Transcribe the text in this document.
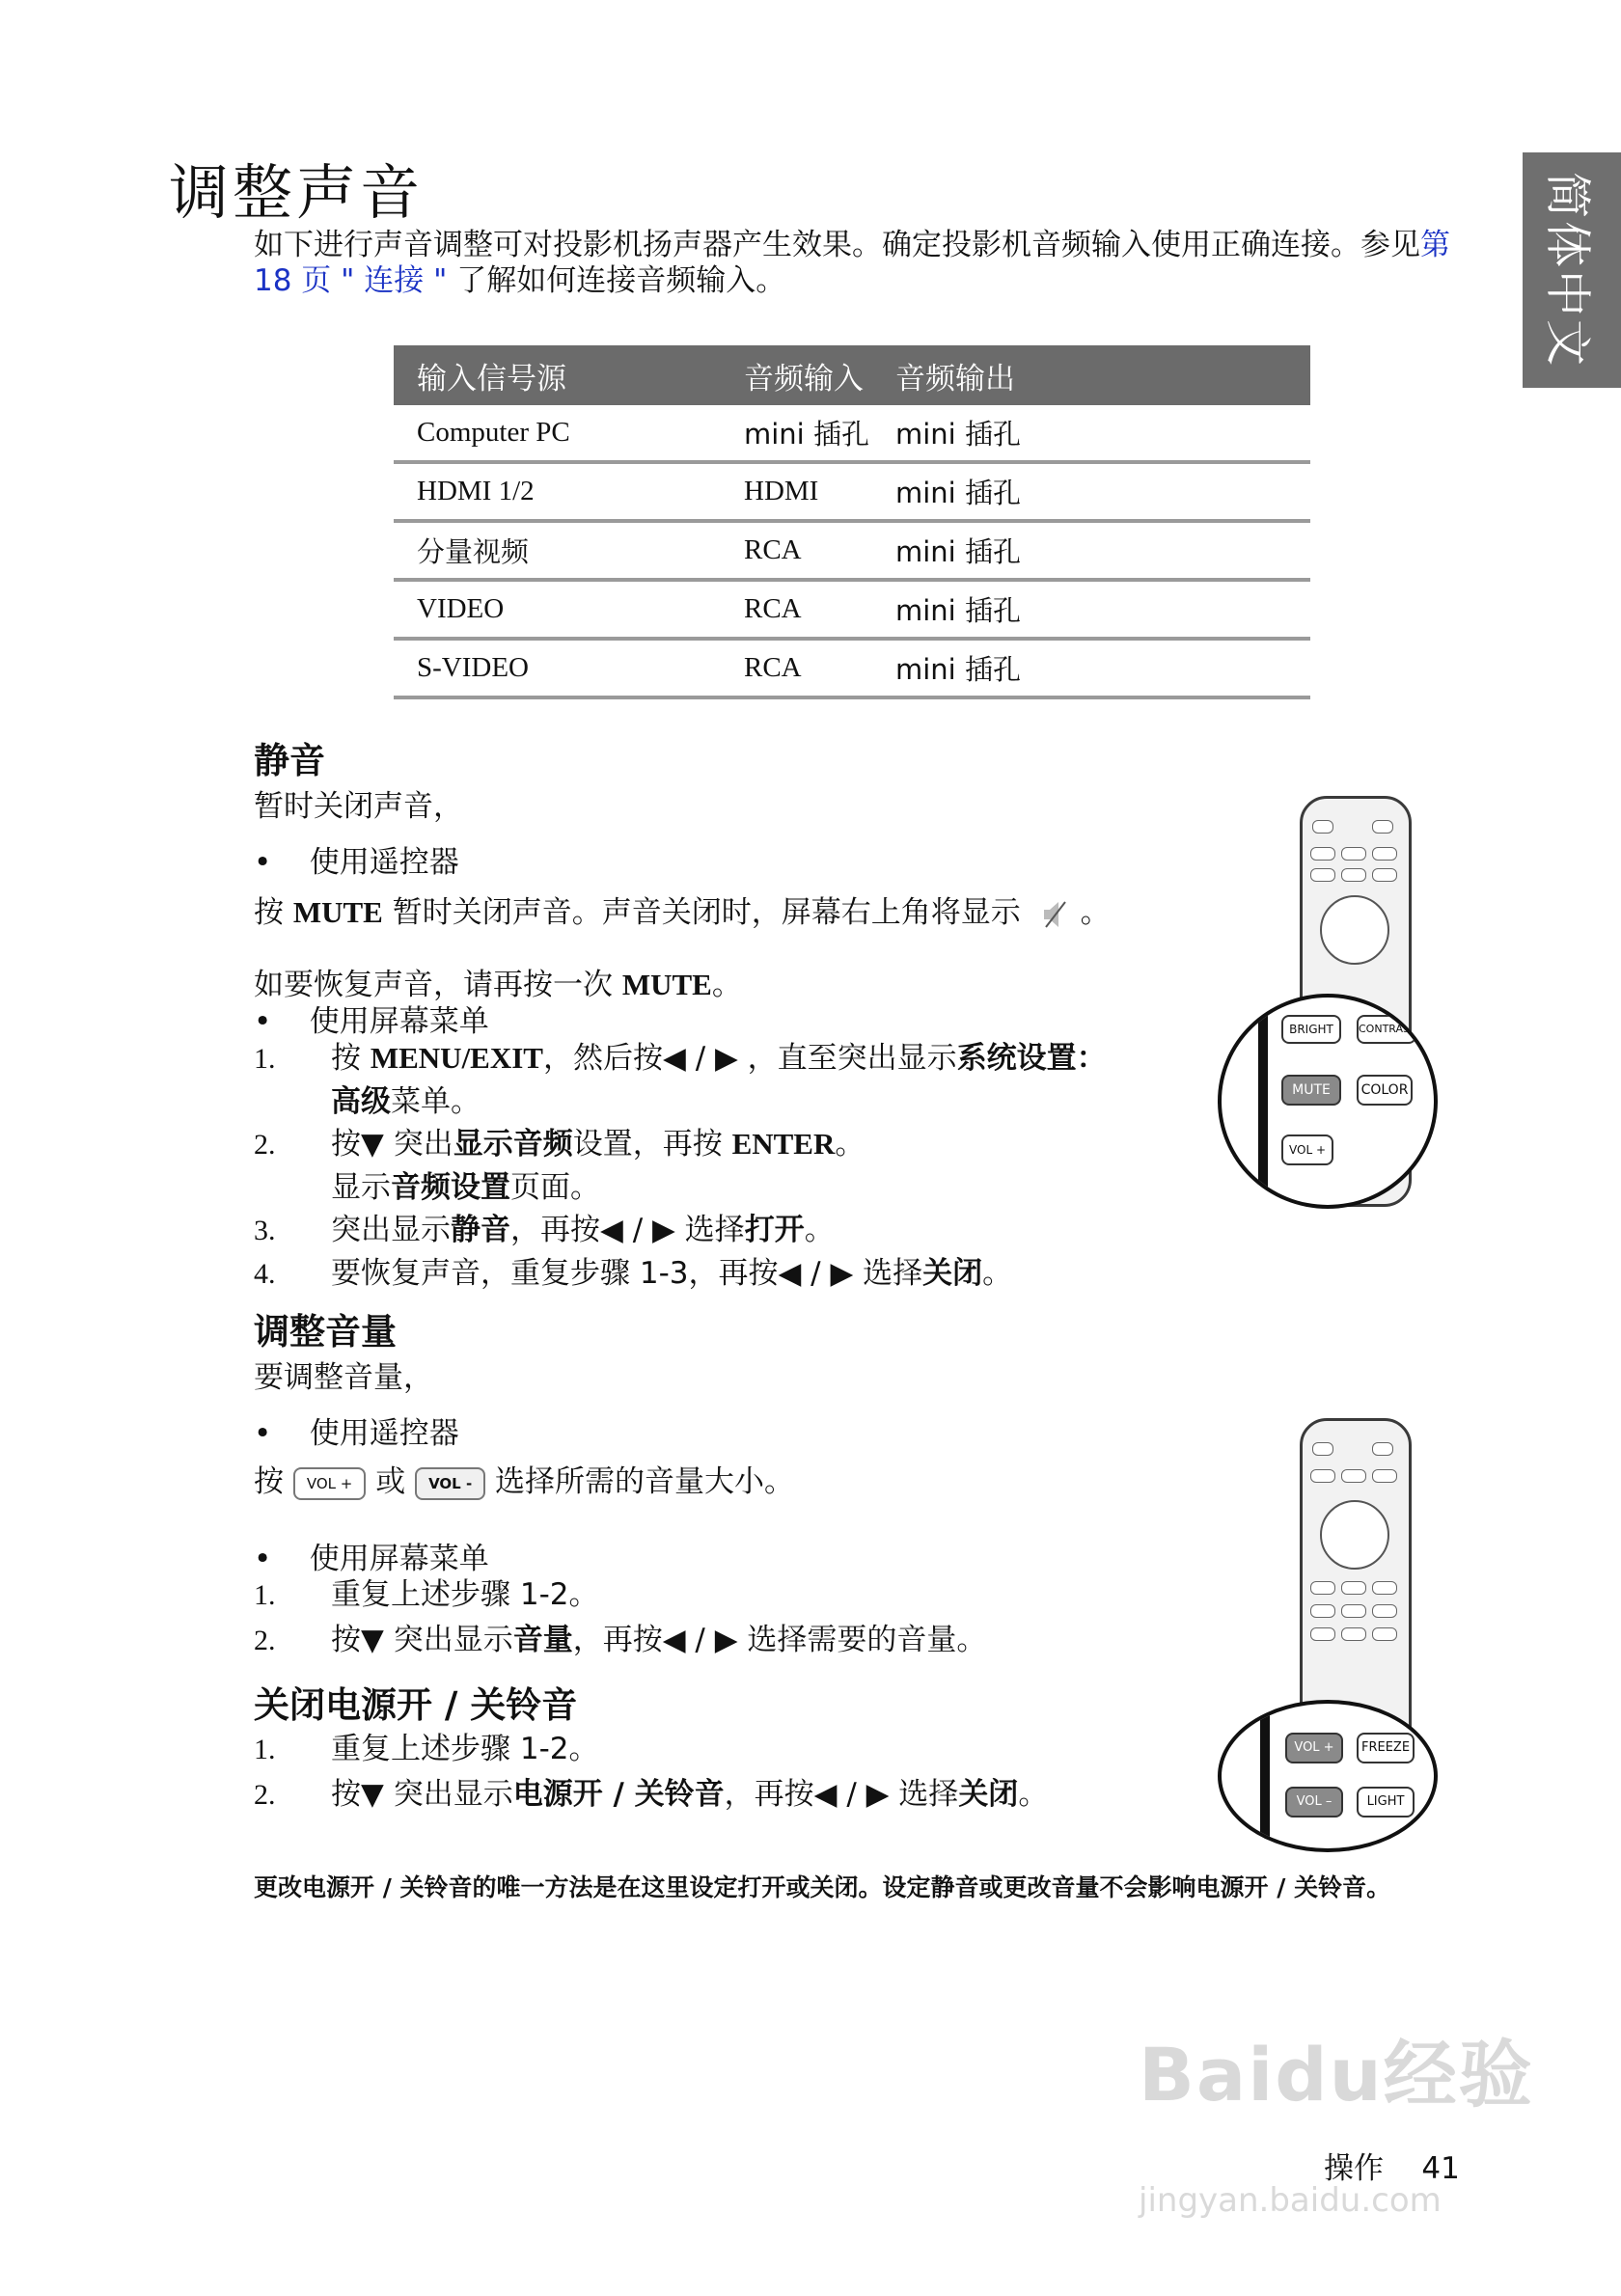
调整声音	简体中文
如下进行声音调整可对投影机扬声器产生效果。确定投影机音频输入使用正确连接。参见第 18 页 " 连接 " 了解如何连接音频输入。
输入信号源	音频输入	音频输出
Computer PC	mini 插孔	mini 插孔
HDMI 1/2	HDMI	mini 插孔
分量视频	RCA	mini 插孔
VIDEO	RCA	mini 插孔
S-VIDEO	RCA	mini 插孔
静音
暂时关闭声音，
•    使用遥控器
按 MUTE 暂时关闭声音。声音关闭时，屏幕右上角将显示 。
如要恢复声音，请再按一次 MUTE。
•    使用屏幕菜单
1. 按 MENU/EXIT，然后按◀ / ▶ ，直至突出显示系统设置：
高级菜单。
2. 按▼ 突出显示音频设置，再按 ENTER。
显示音频设置页面。
3. 突出显示静音，再按◀ / ▶ 选择打开。
4. 要恢复声音，重复步骤 1-3，再按◀ / ▶ 选择关闭。
BRIGHT	CONTRAST
MUTE	COLOR
VOL +
调整音量
要调整音量，
•    使用遥控器
按 VOL + 或 VOL - 选择所需的音量大小。
•    使用屏幕菜单
1. 重复上述步骤 1-2。
2. 按▼ 突出显示音量，再按◀ / ▶ 选择需要的音量。
关闭电源开 / 关铃音
1. 重复上述步骤 1-2。
2. 按▼ 突出显示电源开 / 关铃音，再按◀ / ▶ 选择关闭。
VOL +	FREEZE
VOL –	LIGHT
更改电源开 / 关铃音的唯一方法是在这里设定打开或关闭。设定静音或更改音量不会影响电源开 / 关铃音。
Baidu经验
jingyan.baidu.com
操作 41
